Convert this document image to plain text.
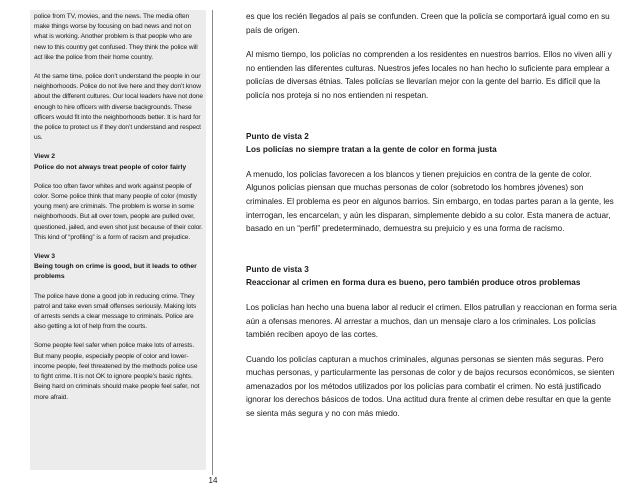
police from TV, movies, and the news. The media often make things worse by focusing on bad news and not on what is working. Another problem is that people who are new to this country get confused. They think the police will act like the police from their home country.

At the same time, police don’t understand the people in our neighborhoods. Police do not live here and they don’t know about the different cultures. Our local leaders have not done enough to hire officers with diverse backgrounds. These officers would fit into the neighborhoods better. It is hard for the police to protect us if they don’t understand and respect us.

View 2
Police do not always treat people of color fairly

Police too often favor whites and work against people of color. Some police think that many people of color (mostly young men) are criminals. The problem is worse in some neighborhoods. But all over town, people are pulled over, questioned, jailed, and even shot just because of their color. This kind of “profiling” is a form of racism and prejudice.

View 3
Being tough on crime is good, but it leads to other problems

The police have done a good job in reducing crime. They patrol and take even small offenses seriously. Making lots of arrests sends a clear message to criminals. Police are also getting a lot of help from the courts.

Some people feel safer when police make lots of arrests. But many people, especially people of color and lower-income people, feel threatened by the methods police use to fight crime. It is not OK to ignore people’s basic rights. Being hard on criminals should make people feel safer, not more afraid.

es que los recién llegados al país se confunden. Creen que la policía se comportará igual como en su país de origen.

Al mismo tiempo, los policías no comprenden a los residentes en nuestros barrios. Ellos no viven allí y no entienden las diferentes culturas. Nuestros jefes locales no han hecho lo suficiente para emplear a policías de diversas étnias. Tales policías se llevarían mejor con la gente del barrio. Es difícil que la policía nos proteja si no nos entienden ni respetan.

Punto de vista 2
Los policías no siempre tratan a la gente de color en forma justa

A menudo, los policías favorecen a los blancos y tienen prejuicios en contra de la gente de color. Algunos policías piensan que muchas personas de color (sobretodo los hombres jóvenes) son criminales. El problema es peor en algunos barrios. Sin embargo, en todas partes paran a la gente, les interrogan, les encarcelan, y aún les disparan, simplemente debido a su color. Esta manera de actuar, basado en un “perfil” predeterminado, demuestra su prejuicio y es una forma de racismo.

Punto de vista 3
Reaccionar al crimen en forma dura es bueno, pero también produce otros problemas

Los policías han hecho una buena labor al reducir el crimen. Ellos patrullan y reaccionan en forma seria aún a ofensas menores. Al arrestar a muchos, dan un mensaje claro a los criminales. Los policías también reciben apoyo de las cortes.

Cuando los policías capturan a muchos criminales, algunas personas se sienten más seguras. Pero muchas personas, y particularmente las personas de color y de bajos recursos económicos, se sienten amenazados por los métodos utilizados por los policías para combatir el crimen. No está justificado ignorar los derechos básicos de todos. Una actitud dura frente al crimen debe resultar en que la gente se sienta más segura y no con más miedo.

14
